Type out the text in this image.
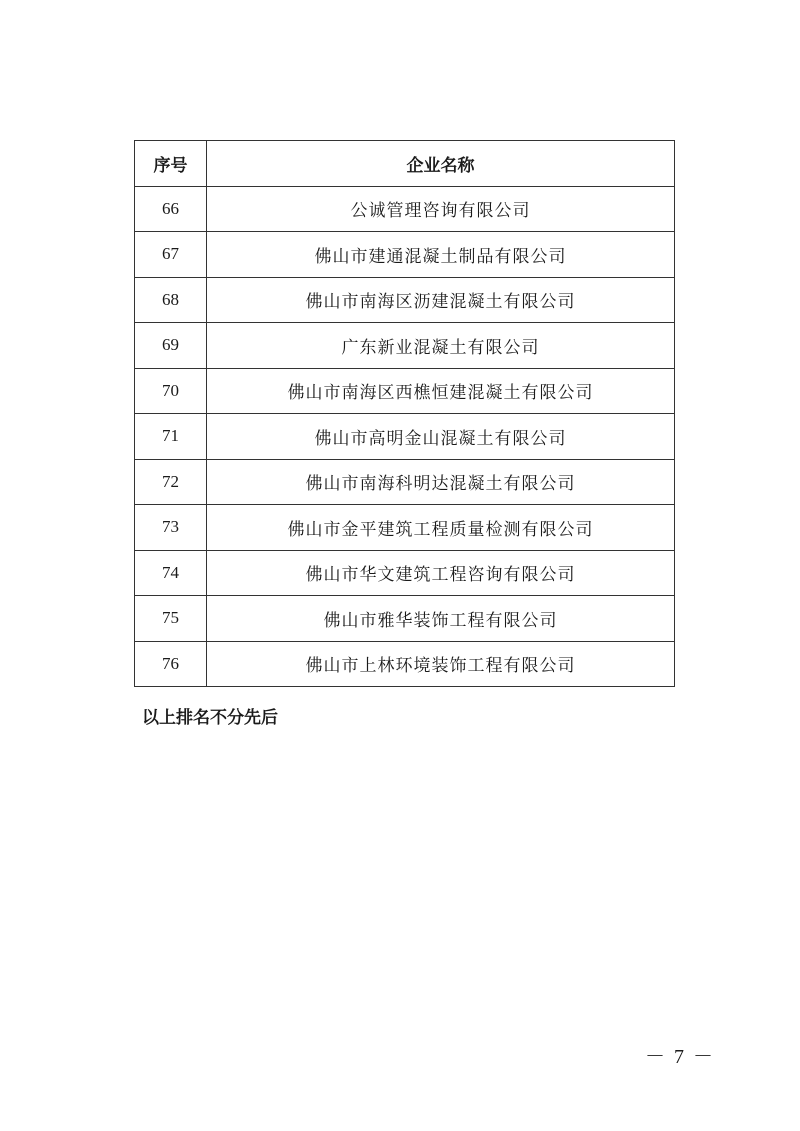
序号	企业名称
66	公诚管理咨询有限公司
67	佛山市建通混凝土制品有限公司
68	佛山市南海区沥建混凝土有限公司
69	广东新业混凝土有限公司
70	佛山市南海区西樵恒建混凝土有限公司
71	佛山市高明金山混凝土有限公司
72	佛山市南海科明达混凝土有限公司
73	佛山市金平建筑工程质量检测有限公司
74	佛山市华文建筑工程咨询有限公司
75	佛山市雅华装饰工程有限公司
76	佛山市上林环境装饰工程有限公司
以上排名不分先后
－ 7 －
